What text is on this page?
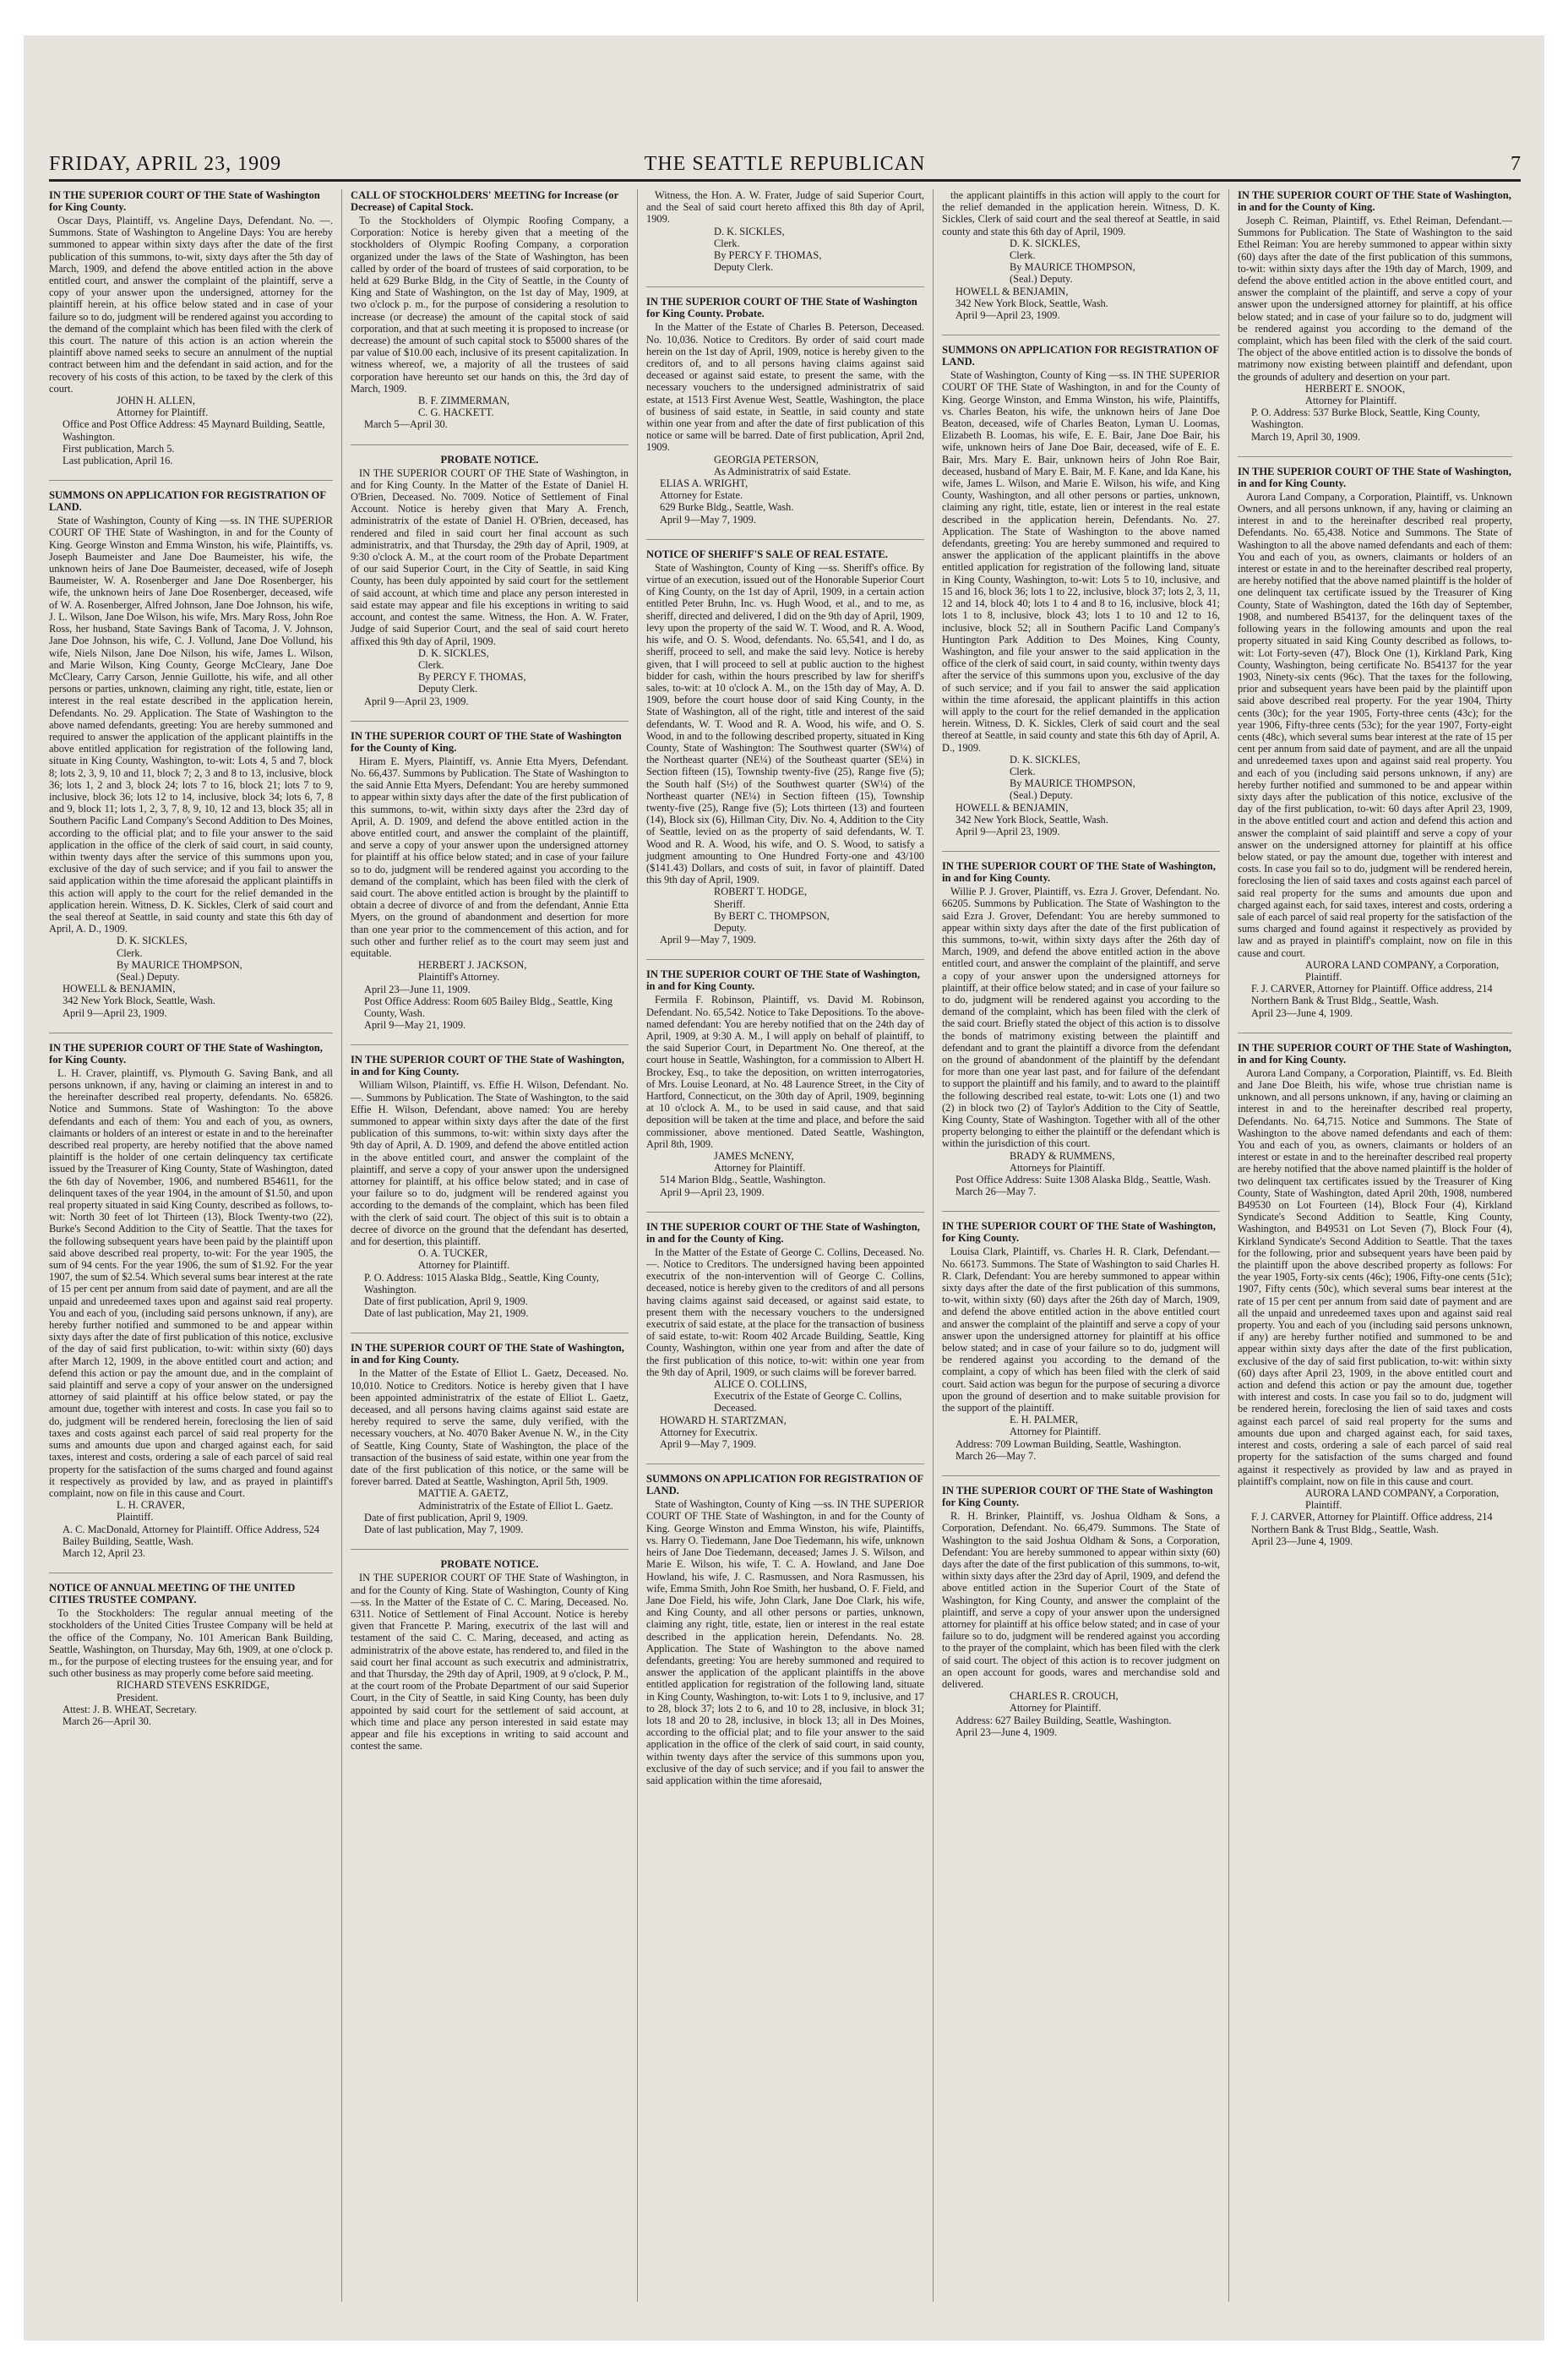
FRIDAY, APRIL 23, 1909	THE SEATTLE REPUBLICAN	7
IN THE SUPERIOR COURT OF THE State of Washington for King County.

Oscar Days, Plaintiff, vs. Angeline Days, Defendant. No. —. Summons. State of Washington to Angeline Days: You are hereby summoned to appear within sixty days after the date of the first publication of this summons, to-wit, sixty days after the 5th day of March, 1909, and defend the above entitled action in the above entitled court, and answer the complaint of the plaintiff, serve a copy of your answer upon the undersigned, attorney for the plaintiff herein, at his office below stated and in case of your failure so to do, judgment will be rendered against you according to the demand of the complaint which has been filed with the clerk of this court. The nature of this action is an action wherein the plaintiff above named seeks to secure an annulment of the nuptial contract between him and the defendant in said action, and for the recovery of his costs of this action, to be taxed by the clerk of this court.

JOHN H. ALLEN,

Attorney for Plaintiff.

Office and Post Office Address: 45 Maynard Building, Seattle, Washington.

First publication, March 5.

Last publication, April 16.

SUMMONS ON APPLICATION FOR REGISTRATION OF LAND.

State of Washington, County of King —ss. IN THE SUPERIOR COURT OF THE State of Washington, in and for the County of King. George Winston and Emma Winston, his wife, Plaintiffs, vs. Joseph Baumeister and Jane Doe Baumeister, his wife, the unknown heirs of Jane Doe Baumeister, deceased, wife of Joseph Baumeister, W. A. Rosenberger and Jane Doe Rosenberger, his wife, the unknown heirs of Jane Doe Rosenberger, deceased, wife of W. A. Rosenberger, Alfred Johnson, Jane Doe Johnson, his wife, J. L. Wilson, Jane Doe Wilson, his wife, Mrs. Mary Ross, John Roe Ross, her husband, State Savings Bank of Tacoma, J. V. Johnson, Jane Doe Johnson, his wife, C. J. Vollund, Jane Doe Vollund, his wife, Niels Nilson, Jane Doe Nilson, his wife, James L. Wilson, and Marie Wilson, King County, George McCleary, Jane Doe McCleary, Carry Carson, Jennie Guillotte, his wife, and all other persons or parties, unknown, claiming any right, title, estate, lien or interest in the real estate described in the application herein, Defendants. No. 29. Application. The State of Washington to the above named defendants, greeting: You are hereby summoned and required to answer the application of the applicant plaintiffs in the above entitled application for registration of the following land, situate in King County, Washington, to-wit: Lots 4, 5 and 7, block 8; lots 2, 3, 9, 10 and 11, block 7; 2, 3 and 8 to 13, inclusive, block 36; lots 1, 2 and 3, block 24; lots 7 to 16, block 21; lots 7 to 9, inclusive, block 36; lots 12 to 14, inclusive, block 34; lots 6, 7, 8 and 9, block 11; lots 1, 2, 3, 7, 8, 9, 10, 12 and 13, block 35; all in Southern Pacific Land Company's Second Addition to Des Moines, according to the official plat; and to file your answer to the said application in the office of the clerk of said court, in said county, within twenty days after the service of this summons upon you, exclusive of the day of such service; and if you fail to answer the said application within the time aforesaid the applicant plaintiffs in this action will apply to the court for the relief demanded in the application herein. Witness, D. K. Sickles, Clerk of said court and the seal thereof at Seattle, in said county and state this 6th day of April, A. D., 1909.

D. K. SICKLES,

Clerk.

By MAURICE THOMPSON,

(Seal.) Deputy.

HOWELL & BENJAMIN,

342 New York Block, Seattle, Wash.

April 9—April 23, 1909.

IN THE SUPERIOR COURT OF THE State of Washington, for King County.

L. H. Craver, plaintiff, vs. Plymouth G. Saving Bank, and all persons unknown, if any, having or claiming an interest in and to the hereinafter described real property, defendants. No. 65826. Notice and Summons. State of Washington: To the above defendants and each of them: You and each of you, as owners, claimants or holders of an interest or estate in and to the hereinafter described real property, are hereby notified that the above named plaintiff is the holder of one certain delinquency tax certificate issued by the Treasurer of King County, State of Washington, dated the 6th day of November, 1906, and numbered B54611, for the delinquent taxes of the year 1904, in the amount of $1.50, and upon real property situated in said King County, described as follows, to-wit: North 30 feet of lot Thirteen (13), Block Twenty-two (22), Burke's Second Addition to the City of Seattle. That the taxes for the following subsequent years have been paid by the plaintiff upon said above described real property, to-wit: For the year 1905, the sum of 94 cents. For the year 1906, the sum of $1.92. For the year 1907, the sum of $2.54. Which several sums bear interest at the rate of 15 per cent per annum from said date of payment, and are all the unpaid and unredeemed taxes upon and against said real property. You and each of you, (including said persons unknown, if any), are hereby further notified and summoned to be and appear within sixty days after the date of first publication of this notice, exclusive of the day of said first publication, to-wit: within sixty (60) days after March 12, 1909, in the above entitled court and action; and defend this action or pay the amount due, and in the complaint of said plaintiff and serve a copy of your answer on the undersigned attorney of said plaintiff at his office below stated, or pay the amount due, together with interest and costs. In case you fail so to do, judgment will be rendered herein, foreclosing the lien of said taxes and costs against each parcel of said real property for the sums and amounts due upon and charged against each, for said taxes, interest and costs, ordering a sale of each parcel of said real property for the satisfaction of the sums charged and found against it respectively as provided by law, and as prayed in plaintiff's complaint, now on file in this cause and Court.

L. H. CRAVER,

Plaintiff.

A. C. MacDonald, Attorney for Plaintiff. Office Address, 524 Bailey Building, Seattle, Wash.

March 12, April 23.

NOTICE OF ANNUAL MEETING OF THE UNITED CITIES TRUSTEE COMPANY.

To the Stockholders: The regular annual meeting of the stockholders of the United Cities Trustee Company will be held at the office of the Company, No. 101 American Bank Building, Seattle, Washington, on Thursday, May 6th, 1909, at one o'clock p. m., for the purpose of electing trustees for the ensuing year, and for such other business as may properly come before said meeting.

RICHARD STEVENS ESKRIDGE,

President.

Attest: J. B. WHEAT, Secretary.

March 26—April 30.

CALL OF STOCKHOLDERS' MEETING for Increase (or Decrease) of Capital Stock.

To the Stockholders of Olympic Roofing Company, a Corporation: Notice is hereby given that a meeting of the stockholders of Olympic Roofing Company, a corporation organized under the laws of the State of Washington, has been called by order of the board of trustees of said corporation, to be held at 629 Burke Bldg, in the City of Seattle, in the County of King and State of Washington, on the 1st day of May, 1909, at two o'clock p. m., for the purpose of considering a resolution to increase (or decrease) the amount of the capital stock of said corporation, and that at such meeting it is proposed to increase (or decrease) the amount of such capital stock to $5000 shares of the par value of $10.00 each, inclusive of its present capitalization. In witness whereof, we, a majority of all the trustees of said corporation have hereunto set our hands on this, the 3rd day of March, 1909.

B. F. ZIMMERMAN,

C. G. HACKETT.

March 5—April 30.

PROBATE NOTICE.

IN THE SUPERIOR COURT OF THE State of Washington, in and for King County. In the Matter of the Estate of Daniel H. O'Brien, Deceased. No. 7009. Notice of Settlement of Final Account. Notice is hereby given that Mary A. French, administratrix of the estate of Daniel H. O'Brien, deceased, has rendered and filed in said court her final account as such administratrix, and that Thursday, the 29th day of April, 1909, at 9:30 o'clock A. M., at the court room of the Probate Department of our said Superior Court, in the City of Seattle, in said King County, has been duly appointed by said court for the settlement of said account, at which time and place any person interested in said estate may appear and file his exceptions in writing to said account, and contest the same. Witness, the Hon. A. W. Frater, Judge of said Superior Court, and the seal of said court hereto affixed this 9th day of April, 1909.

D. K. SICKLES,

Clerk.

By PERCY F. THOMAS,

Deputy Clerk.

April 9—April 23, 1909.

IN THE SUPERIOR COURT OF THE State of Washington for the County of King.

Hiram E. Myers, Plaintiff, vs. Annie Etta Myers, Defendant. No. 66,437. Summons by Publication. The State of Washington to the said Annie Etta Myers, Defendant: You are hereby summoned to appear within sixty days after the date of the first publication of this summons, to-wit, within sixty days after the 23rd day of April, A. D. 1909, and defend the above entitled action in the above entitled court, and answer the complaint of the plaintiff, and serve a copy of your answer upon the undersigned attorney for plaintiff at his office below stated; and in case of your failure so to do, judgment will be rendered against you according to the demand of the complaint, which has been filed with the clerk of said court. The above entitled action is brought by the plaintiff to obtain a decree of divorce of and from the defendant, Annie Etta Myers, on the ground of abandonment and desertion for more than one year prior to the commencement of this action, and for such other and further relief as to the court may seem just and equitable.

HERBERT J. JACKSON,

Plaintiff's Attorney.

April 23—June 11, 1909.

Post Office Address: Room 605 Bailey Bldg., Seattle, King County, Wash.

April 9—May 21, 1909.

IN THE SUPERIOR COURT OF THE State of Washington, in and for King County.

William Wilson, Plaintiff, vs. Effie H. Wilson, Defendant. No. —. Summons by Publication. The State of Washington, to the said Effie H. Wilson, Defendant, above named: You are hereby summoned to appear within sixty days after the date of the first publication of this summons, to-wit: within sixty days after the 9th day of April, A. D. 1909, and defend the above entitled action in the above entitled court, and answer the complaint of the plaintiff, and serve a copy of your answer upon the undersigned attorney for plaintiff, at his office below stated; and in case of your failure so to do, judgment will be rendered against you according to the demands of the complaint, which has been filed with the clerk of said court. The object of this suit is to obtain a decree of divorce on the ground that the defendant has deserted, and for desertion, this plaintiff.

O. A. TUCKER,

Attorney for Plaintiff.

P. O. Address: 1015 Alaska Bldg., Seattle, King County, Washington.

Date of first publication, April 9, 1909.

Date of last publication, May 21, 1909.

IN THE SUPERIOR COURT OF THE State of Washington, in and for King County.

In the Matter of the Estate of Elliot L. Gaetz, Deceased. No. 10,010. Notice to Creditors. Notice is hereby given that I have been appointed administratrix of the estate of Elliot L. Gaetz, deceased, and all persons having claims against said estate are hereby required to serve the same, duly verified, with the necessary vouchers, at No. 4070 Baker Avenue N. W., in the City of Seattle, King County, State of Washington, the place of the transaction of the business of said estate, within one year from the date of the first publication of this notice, or the same will be forever barred. Dated at Seattle, Washington, April 5th, 1909.

MATTIE A. GAETZ,

Administratrix of the Estate of Elliot L. Gaetz.

Date of first publication, April 9, 1909.

Date of last publication, May 7, 1909.

PROBATE NOTICE.

IN THE SUPERIOR COURT OF THE State of Washington, in and for the County of King. State of Washington, County of King —ss. In the Matter of the Estate of C. C. Maring, Deceased. No. 6311. Notice of Settlement of Final Account. Notice is hereby given that Francette P. Maring, executrix of the last will and testament of the said C. C. Maring, deceased, and acting as administratrix of the above estate, has rendered to, and filed in the said court her final account as such executrix and administratrix, and that Thursday, the 29th day of April, 1909, at 9 o'clock, P. M., at the court room of the Probate Department of our said Superior Court, in the City of Seattle, in said King County, has been duly appointed by said court for the settlement of said account, at which time and place any person interested in said estate may appear and file his exceptions in writing to said account and contest the same.

Witness, the Hon. A. W. Frater, Judge of said Superior Court, and the Seal of said court hereto affixed this 8th day of April, 1909.

D. K. SICKLES,

Clerk.

By PERCY F. THOMAS,

Deputy Clerk.

IN THE SUPERIOR COURT OF THE State of Washington for King County. Probate.

In the Matter of the Estate of Charles B. Peterson, Deceased. No. 10,036. Notice to Creditors. By order of said court made herein on the 1st day of April, 1909, notice is hereby given to the creditors of, and to all persons having claims against said deceased or against said estate, to present the same, with the necessary vouchers to the undersigned administratrix of said estate, at 1513 First Avenue West, Seattle, Washington, the place of business of said estate, in Seattle, in said county and state within one year from and after the date of first publication of this notice or same will be barred. Date of first publication, April 2nd, 1909.

GEORGIA PETERSON,

As Administratrix of said Estate.

ELIAS A. WRIGHT,

Attorney for Estate.

629 Burke Bldg., Seattle, Wash.

April 9—May 7, 1909.

NOTICE OF SHERIFF'S SALE OF REAL ESTATE.

State of Washington, County of King —ss. Sheriff's office. By virtue of an execution, issued out of the Honorable Superior Court of King County, on the 1st day of April, 1909, in a certain action entitled Peter Bruhn, Inc. vs. Hugh Wood, et al., and to me, as sheriff, directed and delivered, I did on the 9th day of April, 1909, levy upon the property of the said W. T. Wood, and R. A. Wood, his wife, and O. S. Wood, defendants. No. 65,541, and I do, as sheriff, proceed to sell, and make the said levy. Notice is hereby given, that I will proceed to sell at public auction to the highest bidder for cash, within the hours prescribed by law for sheriff's sales, to-wit: at 10 o'clock A. M., on the 15th day of May, A. D. 1909, before the court house door of said King County, in the State of Washington, all of the right, title and interest of the said defendants, W. T. Wood and R. A. Wood, his wife, and O. S. Wood, in and to the following described property, situated in King County, State of Washington: The Southwest quarter (SW¼) of the Northeast quarter (NE¼) of the Southeast quarter (SE¼) in Section fifteen (15), Township twenty-five (25), Range five (5); the South half (S½) of the Southwest quarter (SW¼) of the Northeast quarter (NE¼) in Section fifteen (15), Township twenty-five (25), Range five (5); Lots thirteen (13) and fourteen (14), Block six (6), Hillman City, Div. No. 4, Addition to the City of Seattle, levied on as the property of said defendants, W. T. Wood and R. A. Wood, his wife, and O. S. Wood, to satisfy a judgment amounting to One Hundred Forty-one and 43/100 ($141.43) Dollars, and costs of suit, in favor of plaintiff. Dated this 9th day of April, 1909.

ROBERT T. HODGE,

Sheriff.

By BERT C. THOMPSON,

Deputy.

April 9—May 7, 1909.

IN THE SUPERIOR COURT OF THE State of Washington, in and for King County.

Fermila F. Robinson, Plaintiff, vs. David M. Robinson, Defendant. No. 65,542. Notice to Take Depositions. To the above-named defendant: You are hereby notified that on the 24th day of April, 1909, at 9:30 A. M., I will apply on behalf of plaintiff, to the said Superior Court, in Department No. One thereof, at the court house in Seattle, Washington, for a commission to Albert H. Brockey, Esq., to take the deposition, on written interrogatories, of Mrs. Louise Leonard, at No. 48 Laurence Street, in the City of Hartford, Connecticut, on the 30th day of April, 1909, beginning at 10 o'clock A. M., to be used in said cause, and that said deposition will be taken at the time and place, and before the said commissioner, above mentioned. Dated Seattle, Washington, April 8th, 1909.

JAMES McNENY,

Attorney for Plaintiff.

514 Marion Bldg., Seattle, Washington.

April 9—April 23, 1909.

IN THE SUPERIOR COURT OF THE State of Washington, in and for the County of King.

In the Matter of the Estate of George C. Collins, Deceased. No. —. Notice to Creditors. The undersigned having been appointed executrix of the non-intervention will of George C. Collins, deceased, notice is hereby given to the creditors of and all persons having claims against said deceased, or against said estate, to present them with the necessary vouchers to the undersigned executrix of said estate, at the place for the transaction of business of said estate, to-wit: Room 402 Arcade Building, Seattle, King County, Washington, within one year from and after the date of the first publication of this notice, to-wit: within one year from the 9th day of April, 1909, or such claims will be forever barred.

ALICE O. COLLINS,

Executrix of the Estate of George C. Collins, Deceased.

HOWARD H. STARTZMAN,

Attorney for Executrix.

April 9—May 7, 1909.

SUMMONS ON APPLICATION FOR REGISTRATION OF LAND.

State of Washington, County of King —ss. IN THE SUPERIOR COURT OF THE State of Washington, in and for the County of King. George Winston and Emma Winston, his wife, Plaintiffs, vs. Harry O. Tiedemann, Jane Doe Tiedemann, his wife, unknown heirs of Jane Doe Tiedemann, deceased; James J. S. Wilson, and Marie E. Wilson, his wife, T. C. A. Howland, and Jane Doe Howland, his wife, J. C. Rasmussen, and Nora Rasmussen, his wife, Emma Smith, John Roe Smith, her husband, O. F. Field, and Jane Doe Field, his wife, John Clark, Jane Doe Clark, his wife, and King County, and all other persons or parties, unknown, claiming any right, title, estate, lien or interest in the real estate described in the application herein, Defendants. No. 28. Application. The State of Washington to the above named defendants, greeting: You are hereby summoned and required to answer the application of the applicant plaintiffs in the above entitled application for registration of the following land, situate in King County, Washington, to-wit: Lots 1 to 9, inclusive, and 17 to 28, block 37; lots 2 to 6, and 10 to 28, inclusive, in block 31; lots 18 and 20 to 28, inclusive, in block 13; all in Des Moines, according to the official plat; and to file your answer to the said application in the office of the clerk of said court, in said county, within twenty days after the service of this summons upon you, exclusive of the day of such service; and if you fail to answer the said application within the time aforesaid,

the applicant plaintiffs in this action will apply to the court for the relief demanded in the application herein. Witness, D. K. Sickles, Clerk of said court and the seal thereof at Seattle, in said county and state this 6th day of April, 1909.

D. K. SICKLES,

Clerk.

By MAURICE THOMPSON,

(Seal.) Deputy.

HOWELL & BENJAMIN,

342 New York Block, Seattle, Wash.

April 9—April 23, 1909.

SUMMONS ON APPLICATION FOR REGISTRATION OF LAND.

State of Washington, County of King —ss. IN THE SUPERIOR COURT OF THE State of Washington, in and for the County of King. George Winston, and Emma Winston, his wife, Plaintiffs, vs. Charles Beaton, his wife, the unknown heirs of Jane Doe Beaton, deceased, wife of Charles Beaton, Lyman U. Loomas, Elizabeth B. Loomas, his wife, E. E. Bair, Jane Doe Bair, his wife, unknown heirs of Jane Doe Bair, deceased, wife of E. E. Bair, Mrs. Mary E. Bair, unknown heirs of John Roe Bair, deceased, husband of Mary E. Bair, M. F. Kane, and Ida Kane, his wife, James L. Wilson, and Marie E. Wilson, his wife, and King County, Washington, and all other persons or parties, unknown, claiming any right, title, estate, lien or interest in the real estate described in the application herein, Defendants. No. 27. Application. The State of Washington to the above named defendants, greeting: You are hereby summoned and required to answer the application of the applicant plaintiffs in the above entitled application for registration of the following land, situate in King County, Washington, to-wit: Lots 5 to 10, inclusive, and 15 and 16, block 36; lots 1 to 22, inclusive, block 37; lots 2, 3, 11, 12 and 14, block 40; lots 1 to 4 and 8 to 16, inclusive, block 41; lots 1 to 8, inclusive, block 43; lots 1 to 10 and 12 to 16, inclusive, block 52; all in Southern Pacific Land Company's Huntington Park Addition to Des Moines, King County, Washington, and file your answer to the said application in the office of the clerk of said court, in said county, within twenty days after the service of this summons upon you, exclusive of the day of such service; and if you fail to answer the said application within the time aforesaid, the applicant plaintiffs in this action will apply to the court for the relief demanded in the application herein. Witness, D. K. Sickles, Clerk of said court and the seal thereof at Seattle, in said county and state this 6th day of April, A. D., 1909.

D. K. SICKLES,

Clerk.

By MAURICE THOMPSON,

(Seal.) Deputy.

HOWELL & BENJAMIN,

342 New York Block, Seattle, Wash.

April 9—April 23, 1909.

IN THE SUPERIOR COURT OF THE State of Washington, in and for King County.

Willie P. J. Grover, Plaintiff, vs. Ezra J. Grover, Defendant. No. 66205. Summons by Publication. The State of Washington to the said Ezra J. Grover, Defendant: You are hereby summoned to appear within sixty days after the date of the first publication of this summons, to-wit, within sixty days after the 26th day of March, 1909, and defend the above entitled action in the above entitled court, and answer the complaint of the plaintiff, and serve a copy of your answer upon the undersigned attorneys for plaintiff, at their office below stated; and in case of your failure so to do, judgment will be rendered against you according to the demand of the complaint, which has been filed with the clerk of the said court. Briefly stated the object of this action is to dissolve the bonds of matrimony existing between the plaintiff and defendant and to grant the plaintiff a divorce from the defendant on the ground of abandonment of the plaintiff by the defendant for more than one year last past, and for failure of the defendant to support the plaintiff and his family, and to award to the plaintiff the following described real estate, to-wit: Lots one (1) and two (2) in block two (2) of Taylor's Addition to the City of Seattle, King County, State of Washington. Together with all of the other property belonging to either the plaintiff or the defendant which is within the jurisdiction of this court.

BRADY & RUMMENS,

Attorneys for Plaintiff.

Post Office Address: Suite 1308 Alaska Bldg., Seattle, Wash.

March 26—May 7.

IN THE SUPERIOR COURT OF THE State of Washington, for King County.

Louisa Clark, Plaintiff, vs. Charles H. R. Clark, Defendant.—No. 66173. Summons. The State of Washington to said Charles H. R. Clark, Defendant: You are hereby summoned to appear within sixty days after the date of the first publication of this summons, to-wit, within sixty (60) days after the 26th day of March, 1909, and defend the above entitled action in the above entitled court and answer the complaint of the plaintiff and serve a copy of your answer upon the undersigned attorney for plaintiff at his office below stated; and in case of your failure so to do, judgment will be rendered against you according to the demand of the complaint, a copy of which has been filed with the clerk of said court. Said action was begun for the purpose of securing a divorce upon the ground of desertion and to make suitable provision for the support of the plaintiff.

E. H. PALMER,

Attorney for Plaintiff.

Address: 709 Lowman Building, Seattle, Washington.

March 26—May 7.

IN THE SUPERIOR COURT OF THE State of Washington for King County.

R. H. Brinker, Plaintiff, vs. Joshua Oldham & Sons, a Corporation, Defendant. No. 66,479. Summons. The State of Washington to the said Joshua Oldham & Sons, a Corporation, Defendant: You are hereby summoned to appear within sixty (60) days after the date of the first publication of this summons, to-wit, within sixty days after the 23rd day of April, 1909, and defend the above entitled action in the Superior Court of the State of Washington, for King County, and answer the complaint of the plaintiff, and serve a copy of your answer upon the undersigned attorney for plaintiff at his office below stated; and in case of your failure so to do, judgment will be rendered against you according to the prayer of the complaint, which has been filed with the clerk of said court. The object of this action is to recover judgment on an open account for goods, wares and merchandise sold and delivered.

CHARLES R. CROUCH,

Attorney for Plaintiff.

Address: 627 Bailey Building, Seattle, Washington.

April 23—June 4, 1909.

IN THE SUPERIOR COURT OF THE State of Washington, in and for the County of King.

Joseph C. Reiman, Plaintiff, vs. Ethel Reiman, Defendant.—Summons for Publication. The State of Washington to the said Ethel Reiman: You are hereby summoned to appear within sixty (60) days after the date of the first publication of this summons, to-wit: within sixty days after the 19th day of March, 1909, and defend the above entitled action in the above entitled court, and answer the complaint of the plaintiff, and serve a copy of your answer upon the undersigned attorney for plaintiff, at his office below stated; and in case of your failure so to do, judgment will be rendered against you according to the demand of the complaint, which has been filed with the clerk of the said court. The object of the above entitled action is to dissolve the bonds of matrimony now existing between plaintiff and defendant, upon the grounds of adultery and desertion on your part.

HERBERT E. SNOOK,

Attorney for Plaintiff.

P. O. Address: 537 Burke Block, Seattle, King County, Washington.

March 19, April 30, 1909.

IN THE SUPERIOR COURT OF THE State of Washington, in and for King County.

Aurora Land Company, a Corporation, Plaintiff, vs. Unknown Owners, and all persons unknown, if any, having or claiming an interest in and to the hereinafter described real property, Defendants. No. 65,438. Notice and Summons. The State of Washington to all the above named defendants and each of them: You and each of you, as owners, claimants or holders of an interest or estate in and to the hereinafter described real property, are hereby notified that the above named plaintiff is the holder of one delinquent tax certificate issued by the Treasurer of King County, State of Washington, dated the 16th day of September, 1908, and numbered B54137, for the delinquent taxes of the following years in the following amounts and upon the real property situated in said King County described as follows, to-wit: Lot Forty-seven (47), Block One (1), Kirkland Park, King County, Washington, being certificate No. B54137 for the year 1903, Ninety-six cents (96c). That the taxes for the following, prior and subsequent years have been paid by the plaintiff upon said above described real property. For the year 1904, Thirty cents (30c); for the year 1905, Forty-three cents (43c); for the year 1906, Fifty-three cents (53c); for the year 1907, Forty-eight cents (48c), which several sums bear interest at the rate of 15 per cent per annum from said date of payment, and are all the unpaid and unredeemed taxes upon and against said real property. You and each of you (including said persons unknown, if any) are hereby further notified and summoned to be and appear within sixty days after the publication of this notice, exclusive of the day of the first publication, to-wit: 60 days after April 23, 1909, in the above entitled court and action and defend this action and answer the complaint of said plaintiff and serve a copy of your answer on the undersigned attorney for plaintiff at his office below stated, or pay the amount due, together with interest and costs. In case you fail so to do, judgment will be rendered herein, foreclosing the lien of said taxes and costs against each parcel of said real property for the sums and amounts due upon and charged against each, for said taxes, interest and costs, ordering a sale of each parcel of said real property for the satisfaction of the sums charged and found against it respectively as provided by law and as prayed in plaintiff's complaint, now on file in this cause and court.

AURORA LAND COMPANY, a Corporation, Plaintiff.

F. J. CARVER, Attorney for Plaintiff. Office address, 214 Northern Bank & Trust Bldg., Seattle, Wash.

April 23—June 4, 1909.

IN THE SUPERIOR COURT OF THE State of Washington, in and for King County.

Aurora Land Company, a Corporation, Plaintiff, vs. Ed. Bleith and Jane Doe Bleith, his wife, whose true christian name is unknown, and all persons unknown, if any, having or claiming an interest in and to the hereinafter described real property, Defendants. No. 64,715. Notice and Summons. The State of Washington to the above named defendants and each of them: You and each of you, as owners, claimants or holders of an interest or estate in and to the hereinafter described real property are hereby notified that the above named plaintiff is the holder of two delinquent tax certificates issued by the Treasurer of King County, State of Washington, dated April 20th, 1908, numbered B49530 on Lot Fourteen (14), Block Four (4), Kirkland Syndicate's Second Addition to Seattle, King County, Washington, and B49531 on Lot Seven (7), Block Four (4), Kirkland Syndicate's Second Addition to Seattle. That the taxes for the following, prior and subsequent years have been paid by the plaintiff upon the above described property as follows: For the year 1905, Forty-six cents (46c); 1906, Fifty-one cents (51c); 1907, Fifty cents (50c), which several sums bear interest at the rate of 15 per cent per annum from said date of payment and are all the unpaid and unredeemed taxes upon and against said real property. You and each of you (including said persons unknown, if any) are hereby further notified and summoned to be and appear within sixty days after the date of the first publication, exclusive of the day of said first publication, to-wit: within sixty (60) days after April 23, 1909, in the above entitled court and action and defend this action or pay the amount due, together with interest and costs. In case you fail so to do, judgment will be rendered herein, foreclosing the lien of said taxes and costs against each parcel of said real property for the sums and amounts due upon and charged against each, for said taxes, interest and costs, ordering a sale of each parcel of said real property for the satisfaction of the sums charged and found against it respectively as provided by law and as prayed in plaintiff's complaint, now on file in this cause and court.

AURORA LAND COMPANY, a Corporation, Plaintiff.

F. J. CARVER, Attorney for Plaintiff. Office address, 214 Northern Bank & Trust Bldg., Seattle, Wash.

April 23—June 4, 1909.
